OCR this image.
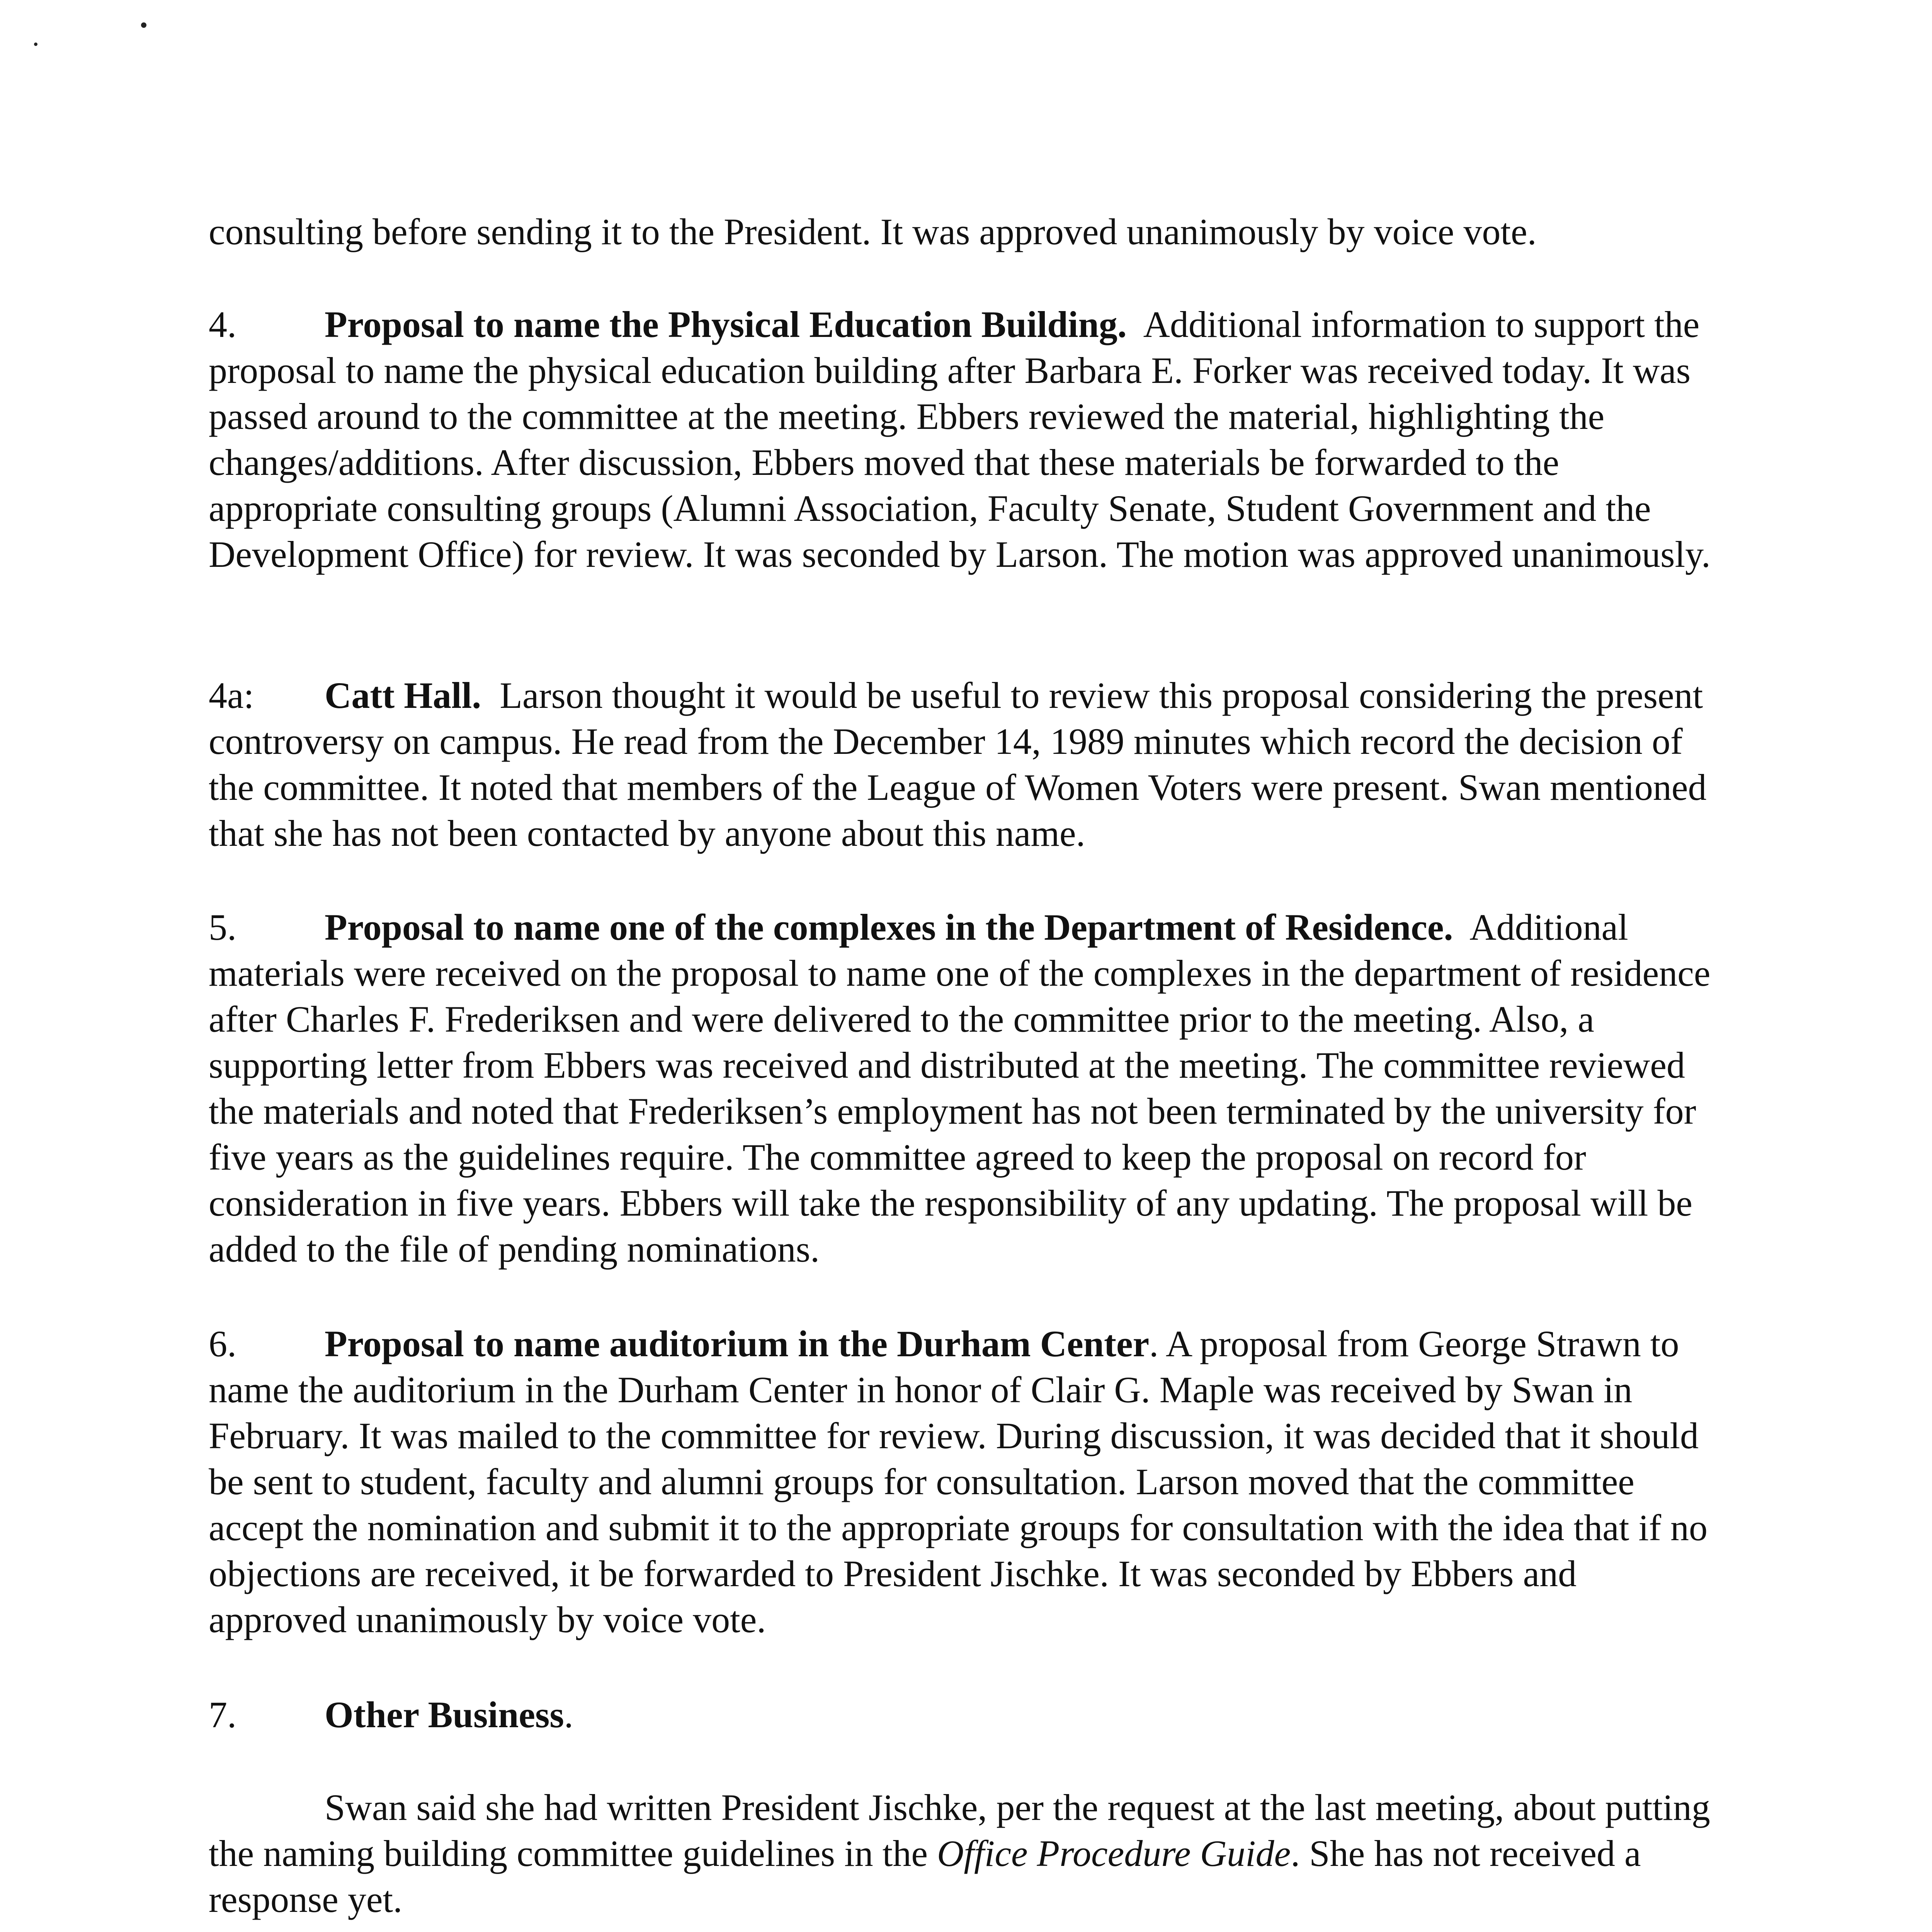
consulting before sending it to the President. It was approved unanimously by voice vote.

4. Proposal to name the Physical Education Building. Additional information to support the proposal to name the physical education building after Barbara E. Forker was received today. It was passed around to the committee at the meeting. Ebbers reviewed the material, highlighting the changes/additions. After discussion, Ebbers moved that these materials be forwarded to the appropriate consulting groups (Alumni Association, Faculty Senate, Student Government and the Development Office) for review. It was seconded by Larson. The motion was approved unanimously.

4a: Catt Hall. Larson thought it would be useful to review this proposal considering the present controversy on campus. He read from the December 14, 1989 minutes which record the decision of the committee. It noted that members of the League of Women Voters were present. Swan mentioned that she has not been contacted by anyone about this name.

5. Proposal to name one of the complexes in the Department of Residence. Additional materials were received on the proposal to name one of the complexes in the department of residence after Charles F. Frederiksen and were delivered to the committee prior to the meeting. Also, a supporting letter from Ebbers was received and distributed at the meeting. The committee reviewed the materials and noted that Frederiksen’s employment has not been terminated by the university for five years as the guidelines require. The committee agreed to keep the proposal on record for consideration in five years. Ebbers will take the responsibility of any updating. The proposal will be added to the file of pending nominations.

6. Proposal to name auditorium in the Durham Center. A proposal from George Strawn to name the auditorium in the Durham Center in honor of Clair G. Maple was received by Swan in February. It was mailed to the committee for review. During discussion, it was decided that it should be sent to student, faculty and alumni groups for consultation. Larson moved that the committee accept the nomination and submit it to the appropriate groups for consultation with the idea that if no objections are received, it be forwarded to President Jischke. It was seconded by Ebbers and approved unanimously by voice vote.

7. Other Business.

Swan said she had written President Jischke, per the request at the last meeting, about putting the naming building committee guidelines in the Office Procedure Guide. She has not received a response yet.
